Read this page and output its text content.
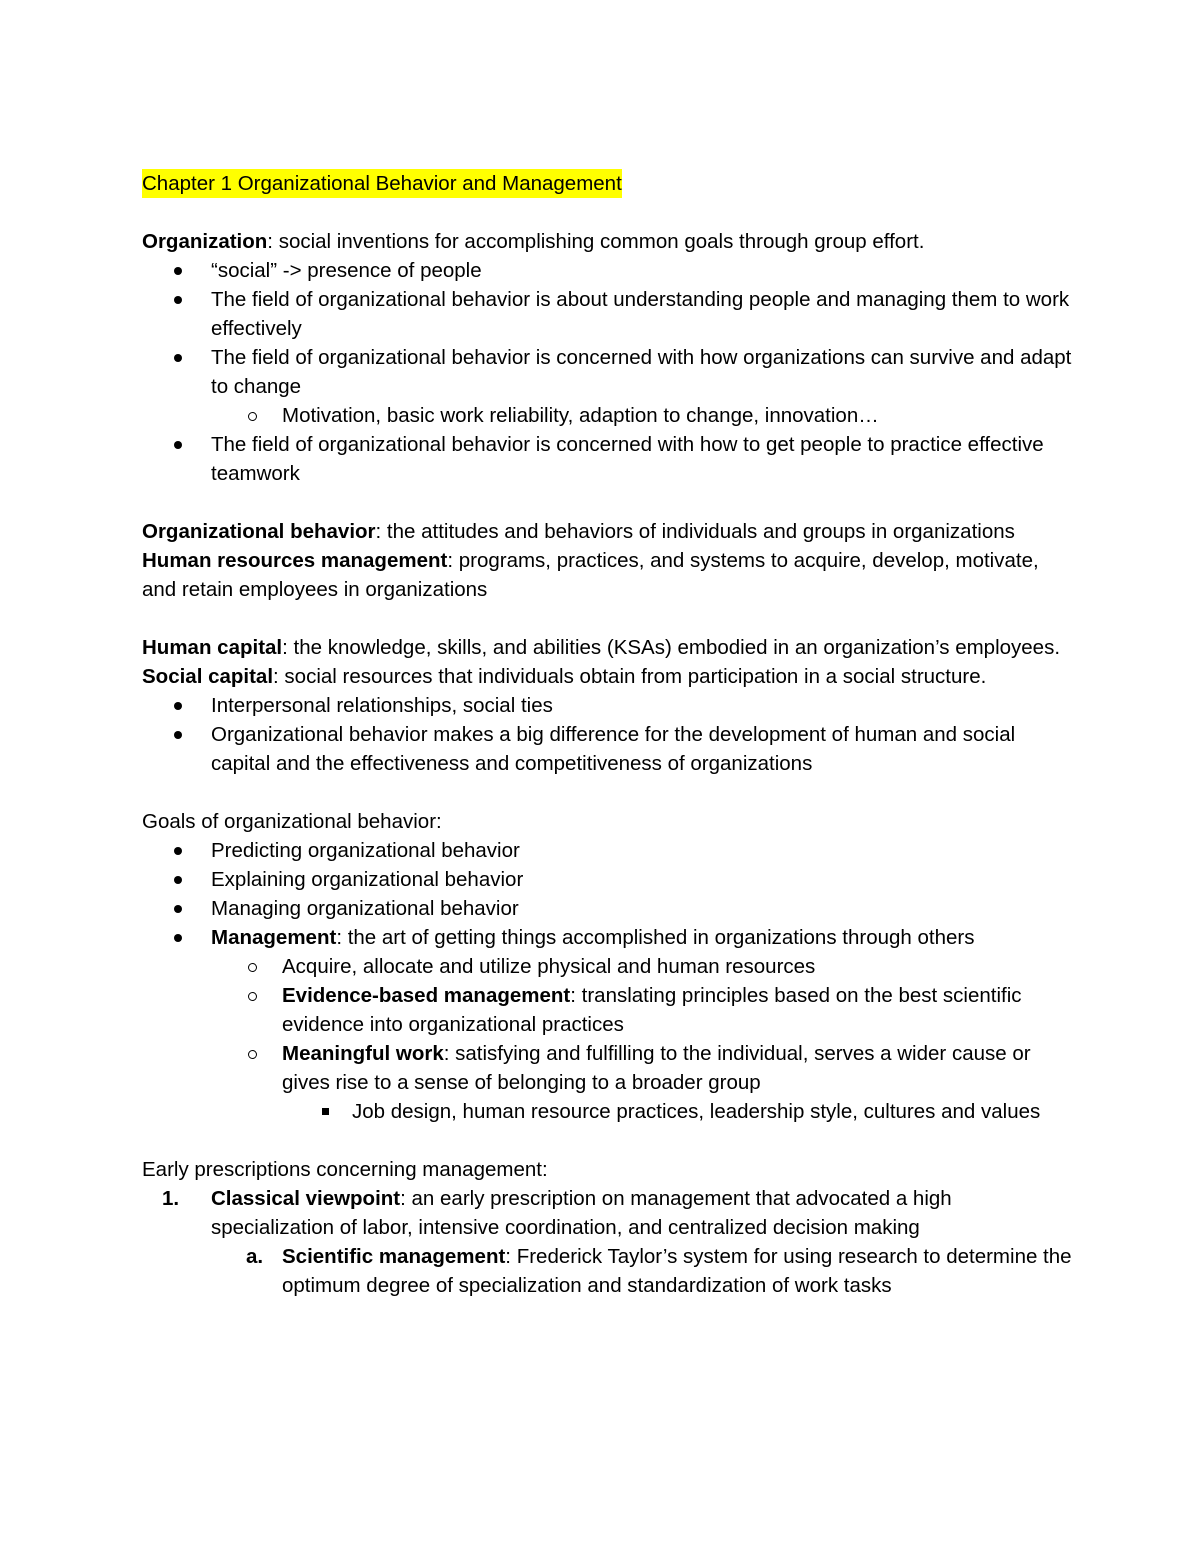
Chapter 1 Organizational Behavior and Management

Organization: social inventions for accomplishing common goals through group effort.

“social” -> presence of people
The field of organizational behavior is about understanding people and managing them to work effectively
The field of organizational behavior is concerned with how organizations can survive and adapt to change
Motivation, basic work reliability, adaption to change, innovation…
The field of organizational behavior is concerned with how to get people to practice effective teamwork

Organizational behavior: the attitudes and behaviors of individuals and groups in organizations

Human resources management: programs, practices, and systems to acquire, develop, motivate, and retain employees in organizations

Human capital: the knowledge, skills, and abilities (KSAs) embodied in an organization’s employees.

Social capital: social resources that individuals obtain from participation in a social structure.

Interpersonal relationships, social ties
Organizational behavior makes a big difference for the development of human and social capital and the effectiveness and competitiveness of organizations

Goals of organizational behavior:

Predicting organizational behavior
Explaining organizational behavior
Managing organizational behavior
Management: the art of getting things accomplished in organizations through others
Acquire, allocate and utilize physical and human resources
Evidence-based management: translating principles based on the best scientific evidence into organizational practices
Meaningful work: satisfying and fulfilling to the individual, serves a wider cause or gives rise to a sense of belonging to a broader group
Job design, human resource practices, leadership style, cultures and values

Early prescriptions concerning management:

1. Classical viewpoint: an early prescription on management that advocated a high specialization of labor, intensive coordination, and centralized decision making
a. Scientific management: Frederick Taylor’s system for using research to determine the optimum degree of specialization and standardization of work tasks
